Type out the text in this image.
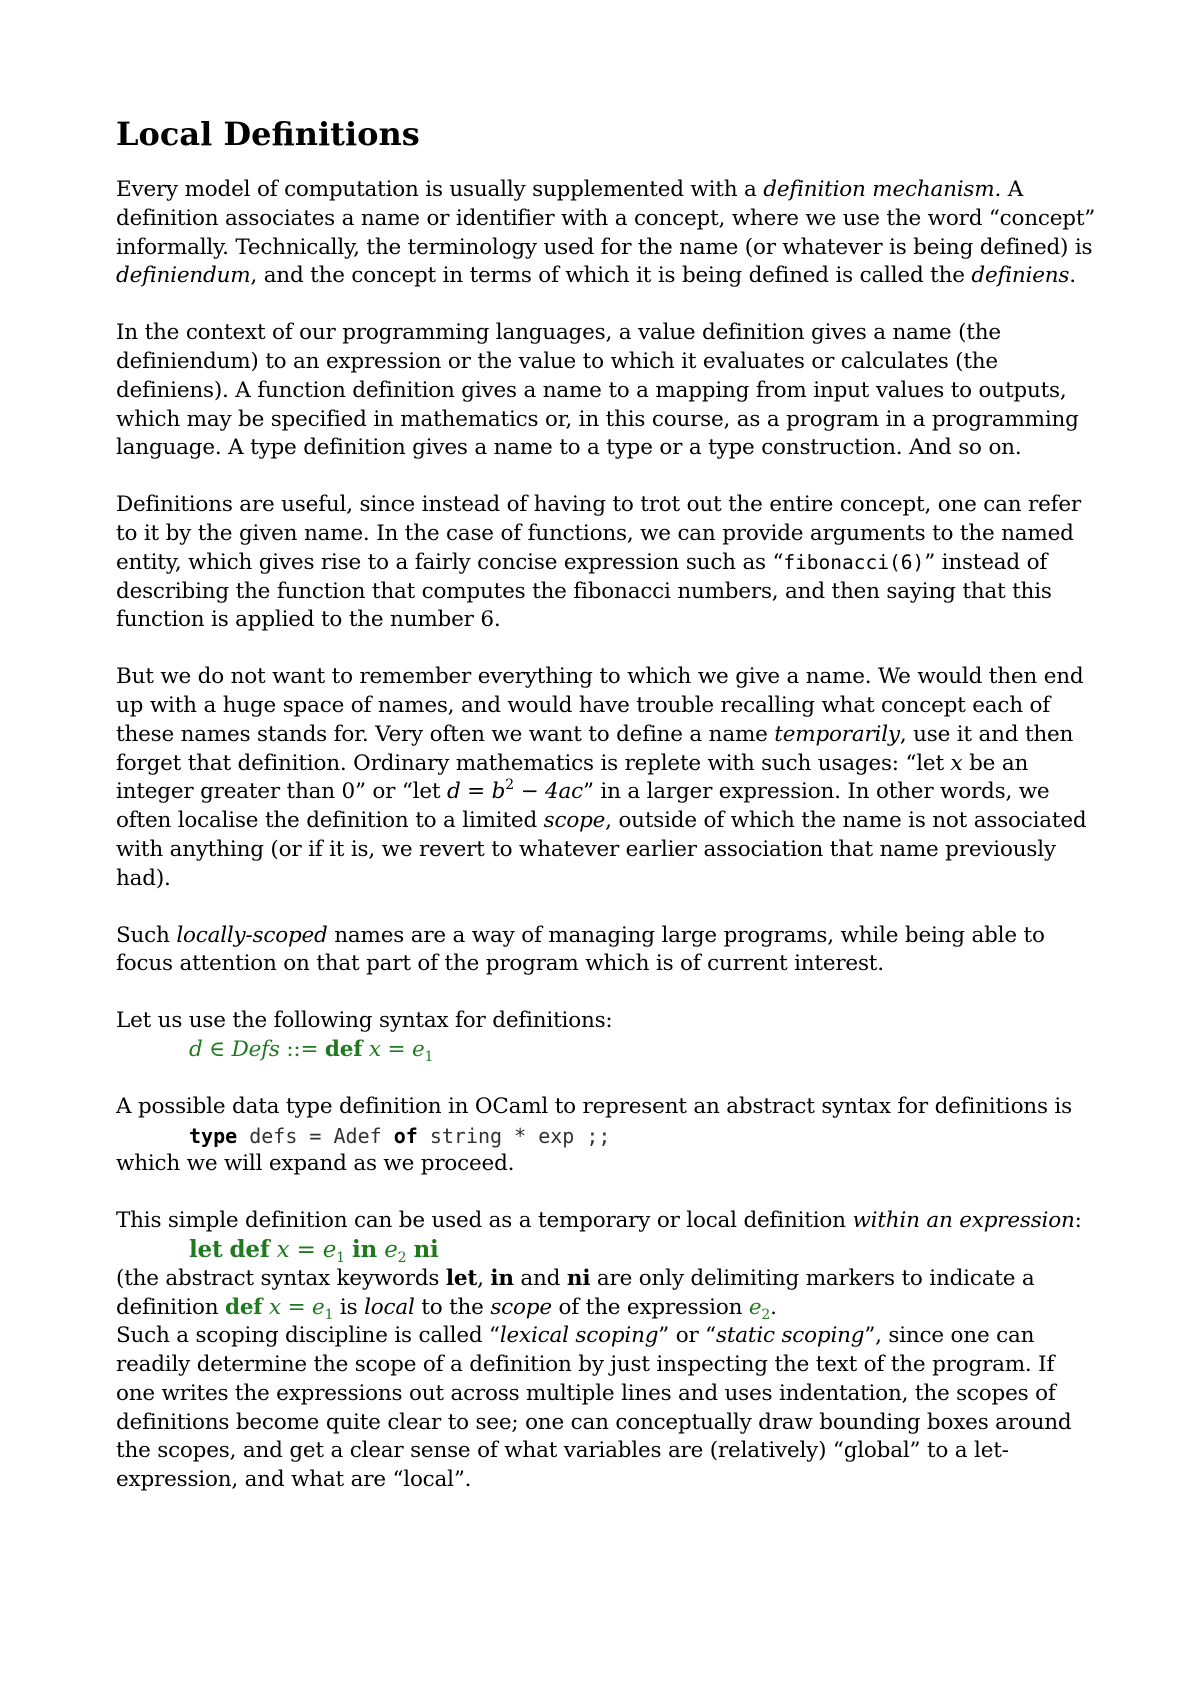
Local Definitions

Every model of computation is usually supplemented with a definition mechanism. A definition associates a name or identifier with a concept, where we use the word “concept” informally. Technically, the terminology used for the name (or whatever is being defined) is definiendum, and the concept in terms of which it is being defined is called the definiens.

In the context of our programming languages, a value definition gives a name (the definiendum) to an expression or the value to which it evaluates or calculates (the definiens). A function definition gives a name to a mapping from input values to outputs, which may be specified in mathematics or, in this course, as a program in a programming language. A type definition gives a name to a type or a type construction. And so on.

Definitions are useful, since instead of having to trot out the entire concept, one can refer to it by the given name. In the case of functions, we can provide arguments to the named entity, which gives rise to a fairly concise expression such as “fibonacci(6)” instead of describing the function that computes the fibonacci numbers, and then saying that this function is applied to the number 6.

But we do not want to remember everything to which we give a name. We would then end up with a huge space of names, and would have trouble recalling what concept each of these names stands for. Very often we want to define a name temporarily, use it and then forget that definition. Ordinary mathematics is replete with such usages: “let x be an integer greater than 0” or “let $d = b^2 - 4ac$” in a larger expression. In other words, we often localise the definition to a limited scope, outside of which the name is not associated with anything (or if it is, we revert to whatever earlier association that name previously had).

Such locally-scoped names are a way of managing large programs, while being able to focus attention on that part of the program which is of current interest.

Let us use the following syntax for definitions:

d ∈ Defs ::= def $x = e_1$

A possible data type definition in OCaml to represent an abstract syntax for definitions is

type defs = Adef of string * exp ;;

which we will expand as we proceed.

This simple definition can be used as a temporary or local definition within an expression:

let def $x = e_1$ in $e_2$ ni

(the abstract syntax keywords let, in and ni are only delimiting markers to indicate a definition def $x = e_1$ is local to the scope of the expression $e_2$.

Such a scoping discipline is called “lexical scoping” or “static scoping”, since one can readily determine the scope of a definition by just inspecting the text of the program. If one writes the expressions out across multiple lines and uses indentation, the scopes of definitions become quite clear to see; one can conceptually draw bounding boxes around the scopes, and get a clear sense of what variables are (relatively) “global” to a let-expression, and what are “local”.
